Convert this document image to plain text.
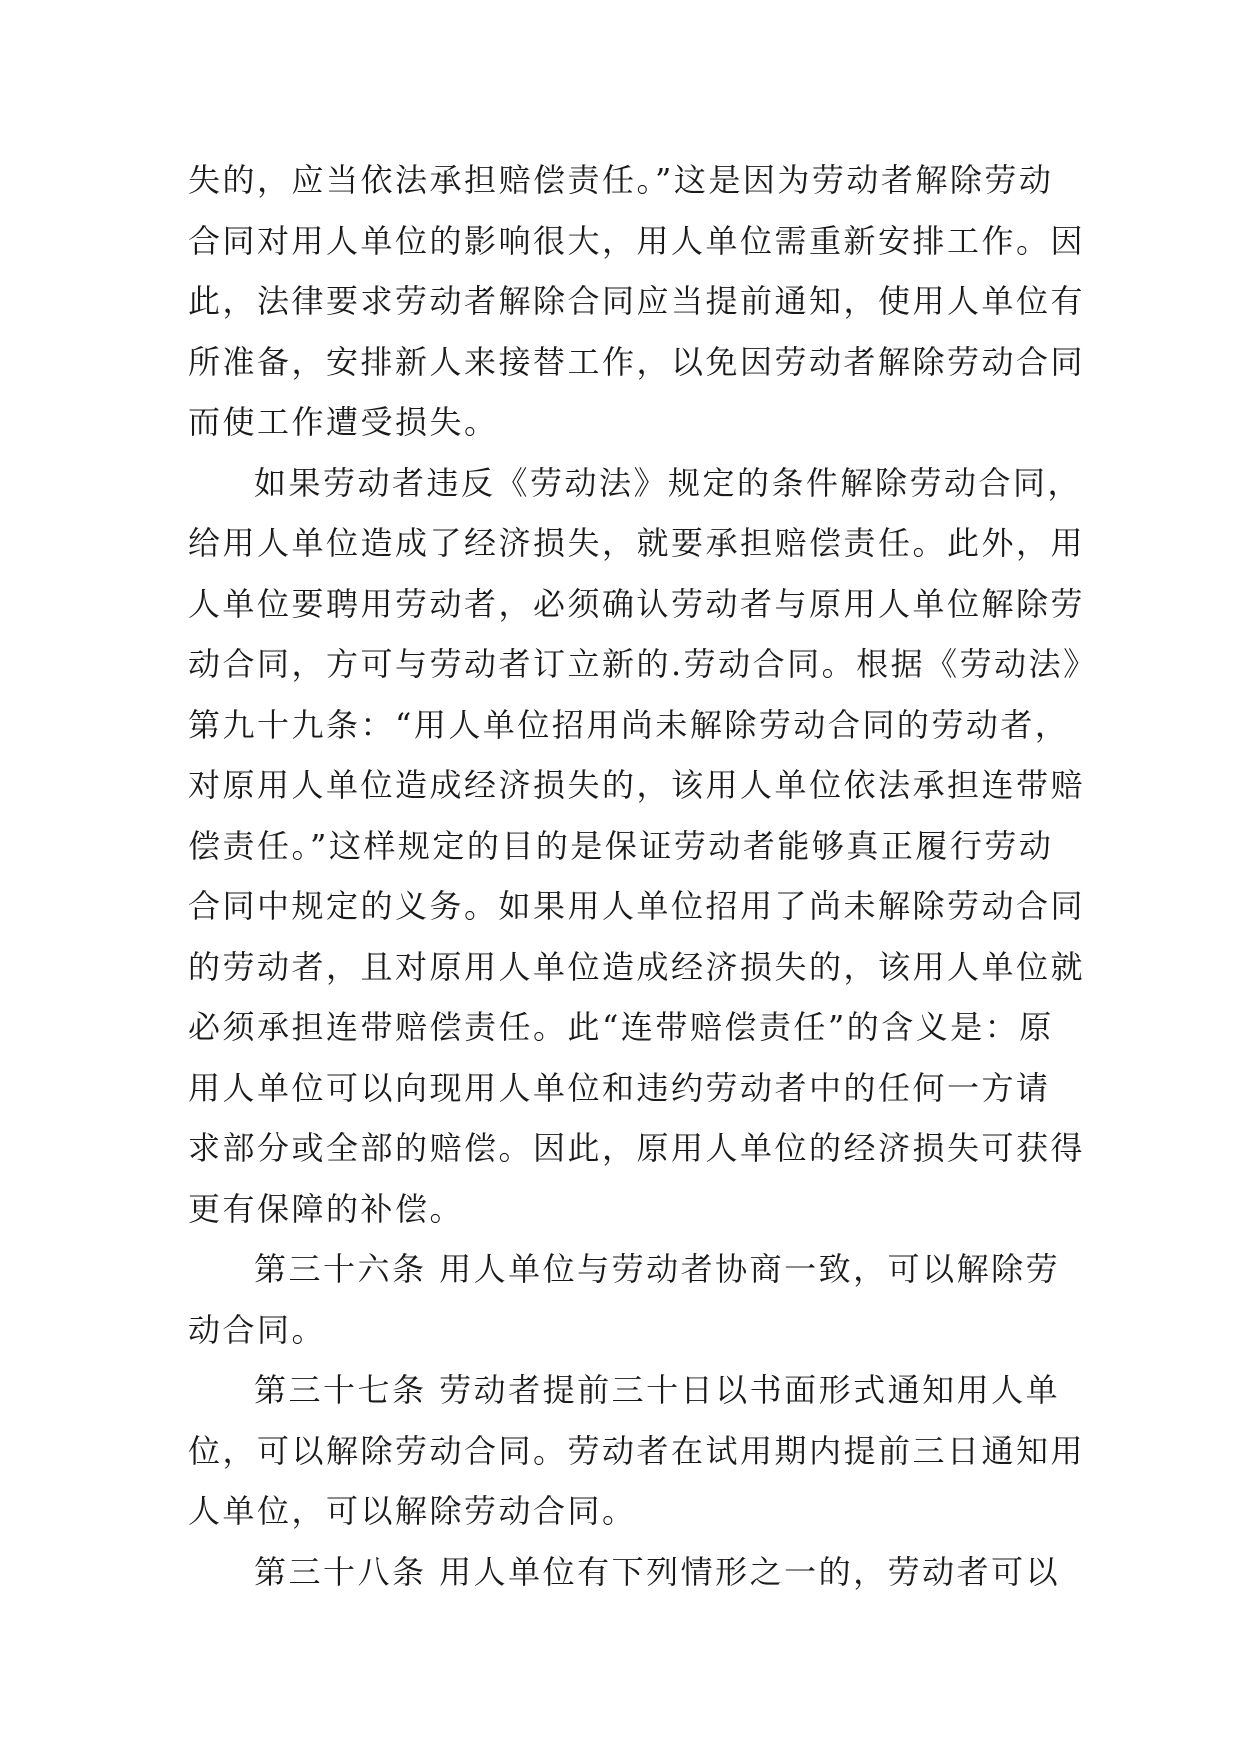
失的，应当依法承担赔偿责任。”这是因为劳动者解除劳动
合同对用人单位的影响很大，用人单位需重新安排工作。因
此，法律要求劳动者解除合同应当提前通知，使用人单位有
所准备，安排新人来接替工作，以免因劳动者解除劳动合同
而使工作遭受损失。
如果劳动者违反《劳动法》规定的条件解除劳动合同，
给用人单位造成了经济损失，就要承担赔偿责任。此外，用
人单位要聘用劳动者，必须确认劳动者与原用人单位解除劳
动合同，方可与劳动者订立新的.劳动合同。根据《劳动法》
第九十九条：“用人单位招用尚未解除劳动合同的劳动者，
对原用人单位造成经济损失的，该用人单位依法承担连带赔
偿责任。”这样规定的目的是保证劳动者能够真正履行劳动
合同中规定的义务。如果用人单位招用了尚未解除劳动合同
的劳动者，且对原用人单位造成经济损失的，该用人单位就
必须承担连带赔偿责任。此“连带赔偿责任”的含义是：原
用人单位可以向现用人单位和违约劳动者中的任何一方请
求部分或全部的赔偿。因此，原用人单位的经济损失可获得
更有保障的补偿。
第三十六条 用人单位与劳动者协商一致，可以解除劳
动合同。
第三十七条 劳动者提前三十日以书面形式通知用人单
位，可以解除劳动合同。劳动者在试用期内提前三日通知用
人单位，可以解除劳动合同。
第三十八条 用人单位有下列情形之一的，劳动者可以
